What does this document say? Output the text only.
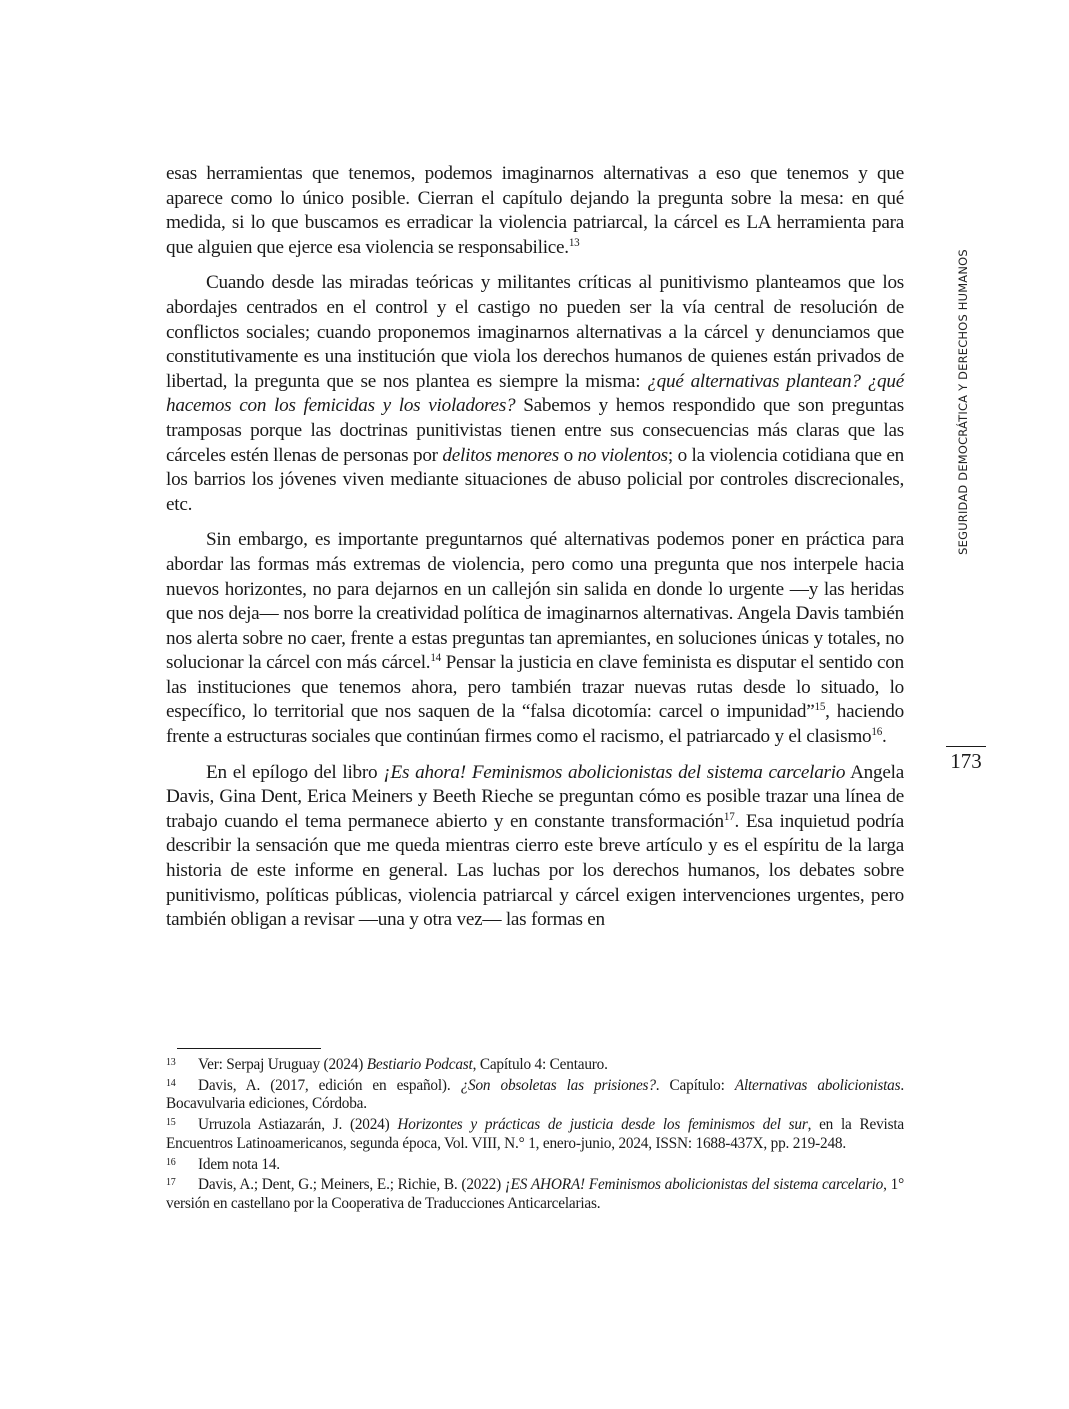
esas herramientas que tenemos, podemos imaginarnos alternativas a eso que tenemos y que aparece como lo único posible. Cierran el capítulo dejando la pregunta sobre la mesa: en qué medida, si lo que buscamos es erradicar la violencia patriarcal, la cárcel es LA herramienta para que alguien que ejerce esa violencia se responsabilice.$^{13}$

Cuando desde las miradas teóricas y militantes críticas al punitivismo planteamos que los abordajes centrados en el control y el castigo no pueden ser la vía central de resolución de conflictos sociales; cuando proponemos imaginarnos alternativas a la cárcel y denunciamos que constitutivamente es una institución que viola los derechos humanos de quienes están privados de libertad, la pregunta que se nos plantea es siempre la misma: ¿qué alternativas plantean? ¿qué hacemos con los femicidas y los violadores? Sabemos y hemos respondido que son preguntas tramposas porque las doctrinas punitivistas tienen entre sus consecuencias más claras que las cárceles estén llenas de personas por delitos menores o no violentos; o la violencia cotidiana que en los barrios los jóvenes viven mediante situaciones de abuso policial por controles discrecionales, etc.

Sin embargo, es importante preguntarnos qué alternativas podemos poner en práctica para abordar las formas más extremas de violencia, pero como una pregunta que nos interpele hacia nuevos horizontes, no para dejarnos en un callejón sin salida en donde lo urgente —y las heridas que nos deja— nos borre la creatividad política de imaginarnos alternativas. Angela Davis también nos alerta sobre no caer, frente a estas preguntas tan apremiantes, en soluciones únicas y totales, no solucionar la cárcel con más cárcel.$^{14}$ Pensar la justicia en clave feminista es disputar el sentido con las instituciones que tenemos ahora, pero también trazar nuevas rutas desde lo situado, lo específico, lo territorial que nos saquen de la “falsa dicotomía: carcel o impunidad”$^{15}$, haciendo frente a estructuras sociales que continúan firmes como el racismo, el patriarcado y el clasismo$^{16}$.

En el epílogo del libro ¡Es ahora! Feminismos abolicionistas del sistema carcelario Angela Davis, Gina Dent, Erica Meiners y Beeth Rieche se preguntan cómo es posible trazar una línea de trabajo cuando el tema permanece abierto y en constante transformación$^{17}$. Esa inquietud podría describir la sensación que me queda mientras cierro este breve artículo y es el espíritu de la larga historia de este informe en general. Las luchas por los derechos humanos, los debates sobre punitivismo, políticas públicas, violencia patriarcal y cárcel exigen intervenciones urgentes, pero también obligan a revisar —una y otra vez— las formas en

13 Ver: Serpaj Uruguay (2024) Bestiario Podcast, Capítulo 4: Centauro.

14 Davis, A. (2017, edición en español). ¿Son obsoletas las prisiones?. Capítulo: Alternativas abolicionistas. Bocavulvaria ediciones, Córdoba.

15 Urruzola Astiazarán, J. (2024) Horizontes y prácticas de justicia desde los feminismos del sur, en la Revista Encuentros Latinoamericanos, segunda época, Vol. VIII, N.° 1, enero-junio, 2024, ISSN: 1688-437X, pp. 219-248.

16 Idem nota 14.

17 Davis, A.; Dent, G.; Meiners, E.; Richie, B. (2022) ¡ES AHORA! Feminismos abolicionistas del sistema carcelario, 1° versión en castellano por la Cooperativa de Traducciones Anticarcelarias.

SEGURIDAD DEMOCRÁTICA Y DERECHOS HUMANOS
173
